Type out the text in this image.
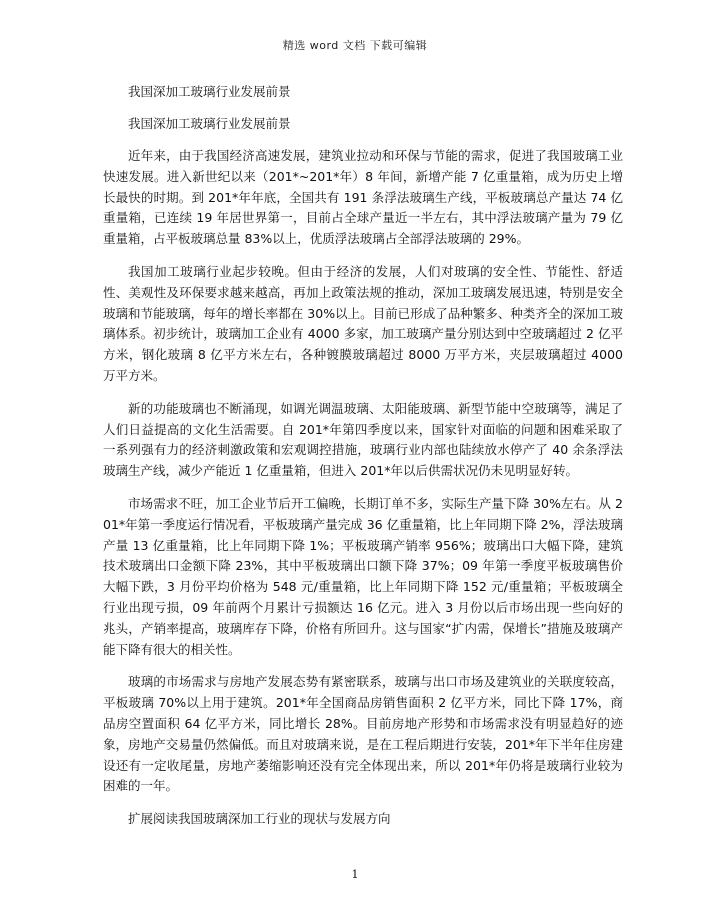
精选 word 文档 下载可编辑
我国深加工玻璃行业发展前景
我国深加工玻璃行业发展前景

近年来，由于我国经济高速发展，建筑业拉动和环保与节能的需求，促进了我国玻璃工业快速发展。进入新世纪以来（201*~201*年）8 年间，新增产能 7 亿重量箱，成为历史上增长最快的时期。到 201*年年底，全国共有 191 条浮法玻璃生产线，平板玻璃总产量达 74 亿重量箱，已连续 19 年居世界第一，目前占全球产量近一半左右，其中浮法玻璃产量为 79 亿重量箱，占平板玻璃总量 83%以上，优质浮法玻璃占全部浮法玻璃的 29%。

我国加工玻璃行业起步较晚。但由于经济的发展，人们对玻璃的安全性、节能性、舒适性、美观性及环保要求越来越高，再加上政策法规的推动，深加工玻璃发展迅速，特别是安全玻璃和节能玻璃，每年的增长率都在 30%以上。目前已形成了品种繁多、种类齐全的深加工玻璃体系。初步统计，玻璃加工企业有 4000 多家，加工玻璃产量分别达到中空玻璃超过 2 亿平方米，钢化玻璃 8 亿平方米左右，各种镀膜玻璃超过 8000 万平方米，夹层玻璃超过 4000 万平方米。

新的功能玻璃也不断涌现，如调光调温玻璃、太阳能玻璃、新型节能中空玻璃等，满足了人们日益提高的文化生活需要。自 201*年第四季度以来，国家针对面临的问题和困难采取了一系列强有力的经济刺激政策和宏观调控措施，玻璃行业内部也陆续放水停产了 40 余条浮法玻璃生产线，减少产能近 1 亿重量箱，但进入 201*年以后供需状况仍未见明显好转。

市场需求不旺，加工企业节后开工偏晚，长期订单不多，实际生产量下降 30%左右。从 201*年第一季度运行情况看，平板玻璃产量完成 36 亿重量箱，比上年同期下降 2%，浮法玻璃产量 13 亿重量箱，比上年同期下降 1%；平板玻璃产销率 956%；玻璃出口大幅下降，建筑技术玻璃出口金额下降 23%，其中平板玻璃出口额下降 37%；09 年第一季度平板玻璃售价大幅下跌，3 月份平均价格为 548 元/重量箱，比上年同期下降 152 元/重量箱；平板玻璃全行业出现亏损，09 年前两个月累计亏损额达 16 亿元。进入 3 月份以后市场出现一些向好的兆头，产销率提高，玻璃库存下降，价格有所回升。这与国家“扩内需，保增长”措施及玻璃产能下降有很大的相关性。

玻璃的市场需求与房地产发展态势有紧密联系，玻璃与出口市场及建筑业的关联度较高，平板玻璃 70%以上用于建筑。201*年全国商品房销售面积 2 亿平方米，同比下降 17%，商品房空置面积 64 亿平方米，同比增长 28%。目前房地产形势和市场需求没有明显趋好的迹象，房地产交易量仍然偏低。而且对玻璃来说，是在工程后期进行安装，201*年下半年住房建设还有一定收尾量，房地产萎缩影响还没有完全体现出来，所以 201*年仍将是玻璃行业较为困难的一年。

扩展阅读我国玻璃深加工行业的现状与发展方向

1
